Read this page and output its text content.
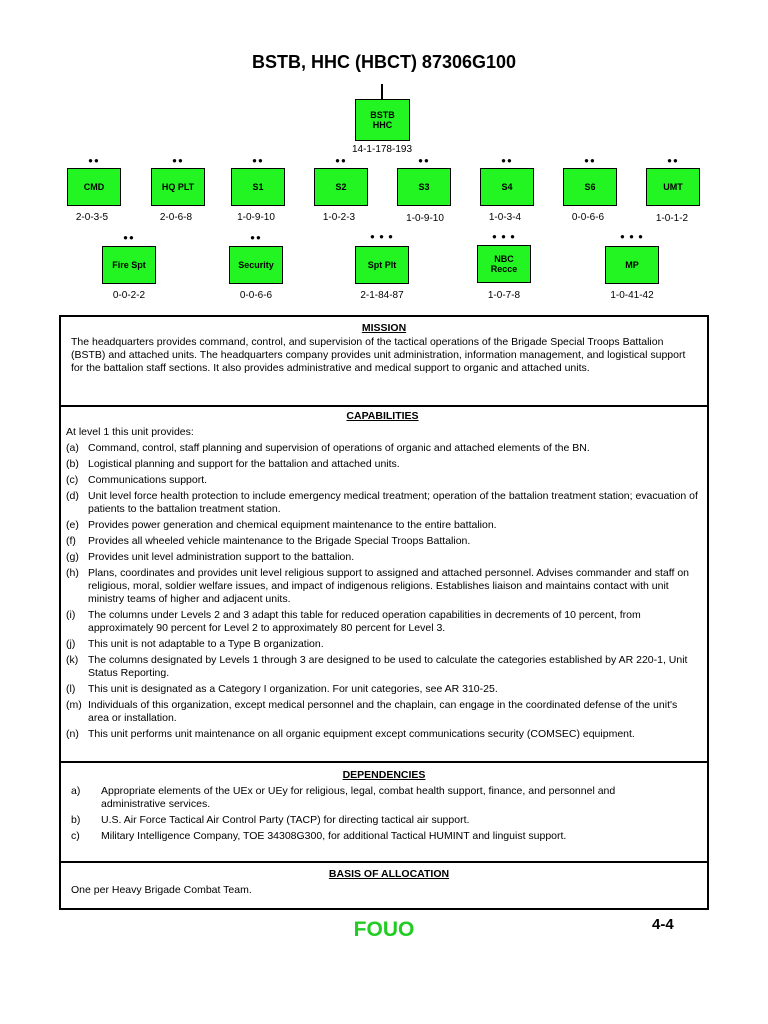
BSTB, HHC (HBCT) 87306G100
BSTB HHC
14-1-178-193
●●
CMD
2-0-3-5
●●
HQ PLT
2-0-6-8
●●
S1
1-0-9-10
●●
S2
1-0-2-3
●●
S3
1-0-9-10
●●
S4
1-0-3-4
●●
S6
0-0-6-6
●●
UMT
1-0-1-2
●●
Fire Spt
0-0-2-2
●●
Security
0-0-6-6
● ● ●
Spt Plt
2-1-84-87
● ● ●
NBC Recce
1-0-7-8
● ● ●
MP
1-0-41-42
MISSION
The headquarters provides command, control, and supervision of the tactical operations of the Brigade Special Troops Battalion (BSTB) and attached units. The headquarters company provides unit administration, information management, and logistical support for the battalion staff sections. It also provides administrative and medical support to organic and attached units.
CAPABILITIES
At level 1 this unit provides:
(a) Command, control, staff planning and supervision of operations of organic and attached elements of the BN.
(b) Logistical planning and support for the battalion and attached units.
(c) Communications support.
(d) Unit level force health protection to include emergency medical treatment; operation of the battalion treatment station; evacuation of patients to the battalion treatment station.
(e) Provides power generation and chemical equipment maintenance to the entire battalion.
(f)	Provides all wheeled vehicle maintenance to the Brigade Special Troops Battalion.
(g) Provides unit level administration support to the battalion.
(h) Plans, coordinates and provides unit level religious support to assigned and attached personnel. Advises commander and staff on religious, moral, soldier welfare issues, and impact of indigenous religions. Establishes liaison and maintains contact with unit ministry teams of higher and adjacent units.
(i)	The columns under Levels 2 and 3 adapt this table for reduced operation capabilities in decrements of 10 percent, from approximately 90 percent for Level 2 to approximately 80 percent for Level 3.
(j)	This unit is not adaptable to a Type B organization.
(k) The columns designated by Levels 1 through 3 are designed to be used to calculate the categories established by AR 220-1, Unit Status Reporting.
(l)	This unit is designated as a Category I organization. For unit categories, see AR 310-25.
(m) Individuals of this organization, except medical personnel and the chaplain, can engage in the coordinated defense of the unit's area or installation.
(n) This unit performs unit maintenance on all organic equipment except communications security (COMSEC) equipment.
DEPENDENCIES
a)	Appropriate elements of the UEx or UEy for religious, legal, combat health support, finance, and personnel and administrative services.
b)	U.S. Air Force Tactical Air Control Party (TACP) for directing tactical air support.
c)	Military Intelligence Company, TOE 34308G300, for additional Tactical HUMINT and linguist support.
BASIS OF ALLOCATION
One per Heavy Brigade Combat Team.
FOUO	4-4
